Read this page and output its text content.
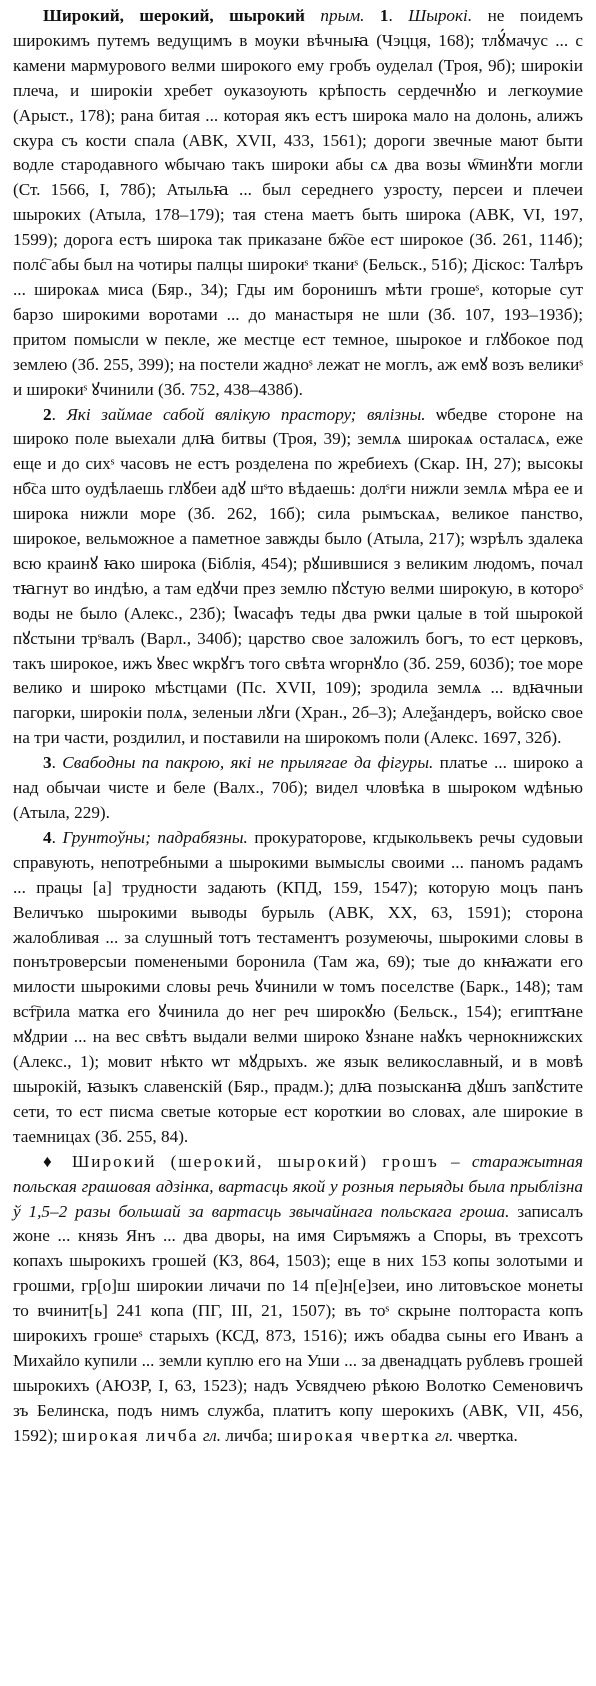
Широкий, шерокий, шырокий прым. 1. Шырокі. не поидемъ широкимъ путемъ ведущимъ в моуки вѣчныꙗ (Чэцця, 168); тлꙋ́мачус ... с камени мармурового велми широкого ему гробъ оуделал (Троя, 9б); широкiи плеча, и широкiи хребет оуказоують крѣпость сердечнꙋю и легкоумие (Арыст., 178); рана битая ... которая якъ естъ широка мало на долонь, алижъ скура съ кости спала (АВК, XVII, 433, 1561); дороги звечные мают быти водле стародавного ѡбычаю такъ широки абы сѧ два возы ѡ҇минꙋти могли (Ст. 1566, I, 78б); Атыльꙗ ... был середнего узросту, персеи и плечеи шыроких (Атыла, 178–179); тая стена маетъ быть широка (АВК, VI, 197, 1599); дорога естъ широка так приказане бж҇ое ест широкое (Зб. 261, 114б); полс҇ абы был на чотиры палцы широкиˢ тканиˢ (Бельск., 51б); Дiскос: Талѣръ ... широкаѧ миса (Бяр., 34); Гды им боронишъ мѣти грошеˢ, которые сут барзо широкими воротами ... до манастыря не шли (Зб. 107, 193–193б); притом помысли ѡ пекле, же местце ест темное, шырокое и глꙋбокое под землею (Зб. 255, 399); на постели жадноˢ лежат не моглъ, аж емꙋ возъ великиˢ и широкиˢ ꙋчинили (Зб. 752, 438–438б).

2. Які займае сабой вялікую прастору; вялізны. ѡбедве стороне на широко поле выехали длꙗ битвы (Троя, 39); землѧ широкаѧ осталасѧ, еже еще и до сихˢ часовъ не естъ розделена по жребиехъ (Скар. ІН, 27); высокы нб҇са што оудѣлаешь глꙋбеи адꙋ шˢто вѣдаешь: долˢги нижли землѧ мѣра ее и широка нижли море (Зб. 262, 16б); сила рымъскаѧ, великое панство, широкое, вельможное а паметное завжды было (Атыла, 217); ѡзрѣлъ здалека всю краинꙋ ꙗко широка (Біблія, 454); рꙋшившися з великим людомъ, почал тꙗгнут во индѣю, а там едꙋчи през землю пꙋстую велми широкую, в котороˢ воды не было (Алекс., 23б); Ꙇѡасафъ теды два рѡки цалые в той шырокой пꙋстыни трˢвалъ (Варл., 340б); царство свое заложилъ богъ, то ест церковъ, такъ широкое, ижъ ꙋвес ѡкрꙋгъ того свѣта ѡгорнꙋло (Зб. 259, 603б); тое море велико и широко мѣстцами (Пс. XVII, 109); зродила землѧ ... вдꙗчныи пагорки, широкiи полѧ, зеленыи лꙋги (Хран., 2б–3); Алеѯандеръ, войско свое на три части, роздилил, и поставили на широкомъ поли (Алекс. 1697, 32б).

3. Свабодны па пакрою, які не прылягае да фігуры. платье ... широко а над обычаи чисте и беле (Валх., 70б); видел чловѣка в шыроком ѡдѣнью (Атыла, 229).

4. Грунтоўны; падрабязны. прокураторове, кгдыкольвекъ речы судовыи справують, непотребными а шырокими вымыслы своими ... паномъ радамъ ... працы [а] трудности задають (КПД, 159, 1547); которую моцъ панъ Величъко шырокими выводы бурыль (АВК, XX, 63, 1591); сторона жалобливая ... за слушный тотъ тестаментъ розумеючы, шырокими словы в понътроверсыи поменеными боронила (Там жа, 69); тые до кнꙗжати его милости шырокими словы речь ꙋчинили ѡ томъ поселстве (Барк., 148); там вст҇рила матка его ꙋчинила до нег реч широкꙋю (Бельск., 154); египтꙗне мꙋдрии ... на вес свѣтъ выдали велми широко ꙋзнане наꙋкъ чернокнижских (Алекс., 1); мовит нѣкто ѡт мꙋдрыхъ. же язык великославный, и в мовѣ шырокiй, ꙗзыкъ славенскiй (Бяр., прадм.); длꙗ позысканꙗ дꙋшъ запꙋстите сети, то ест писма светые которые ест короткии во словах, але широкие в таемницах (Зб. 255, 84).

♦ Широкий (шерокий, шырокий) грошъ – старажытная польская грашовая адзінка, вартасць якой у розныя перыяды была прыблізна ў 1,5–2 разы большай за вартасць звычайнага польскага гроша. записалъ жоне ... князь Янъ ... два дворы, на имя Сиръмяжъ а Споры, въ трехсотъ копахъ шырокихъ грошей (КЗ, 864, 1503); еще в них 153 копы золотыми и грошми, гр[о]ш широкии личачи по 14 п[е]н[е]зеи, ино литовъское монеты то вчинит[ь] 241 копа (ПГ, III, 21, 1507); въ тоˢ скрыне полтораста копъ широкихъ грошеˢ старыхъ (КСД, 873, 1516); ижъ обадва сыны его Иванъ а Михайло купили ... земли куплю его на Уши ... за двенадцать рублевъ грошей шырокихъ (АЮЗР, I, 63, 1523); надъ Усвядчею рѣкою Волотко Семеновичъ зъ Белинска, подъ нимъ служба, платитъ копу шерокихъ (АВК, VII, 456, 1592); широкая личба гл. личба; широкая чвертка гл. чвертка.
